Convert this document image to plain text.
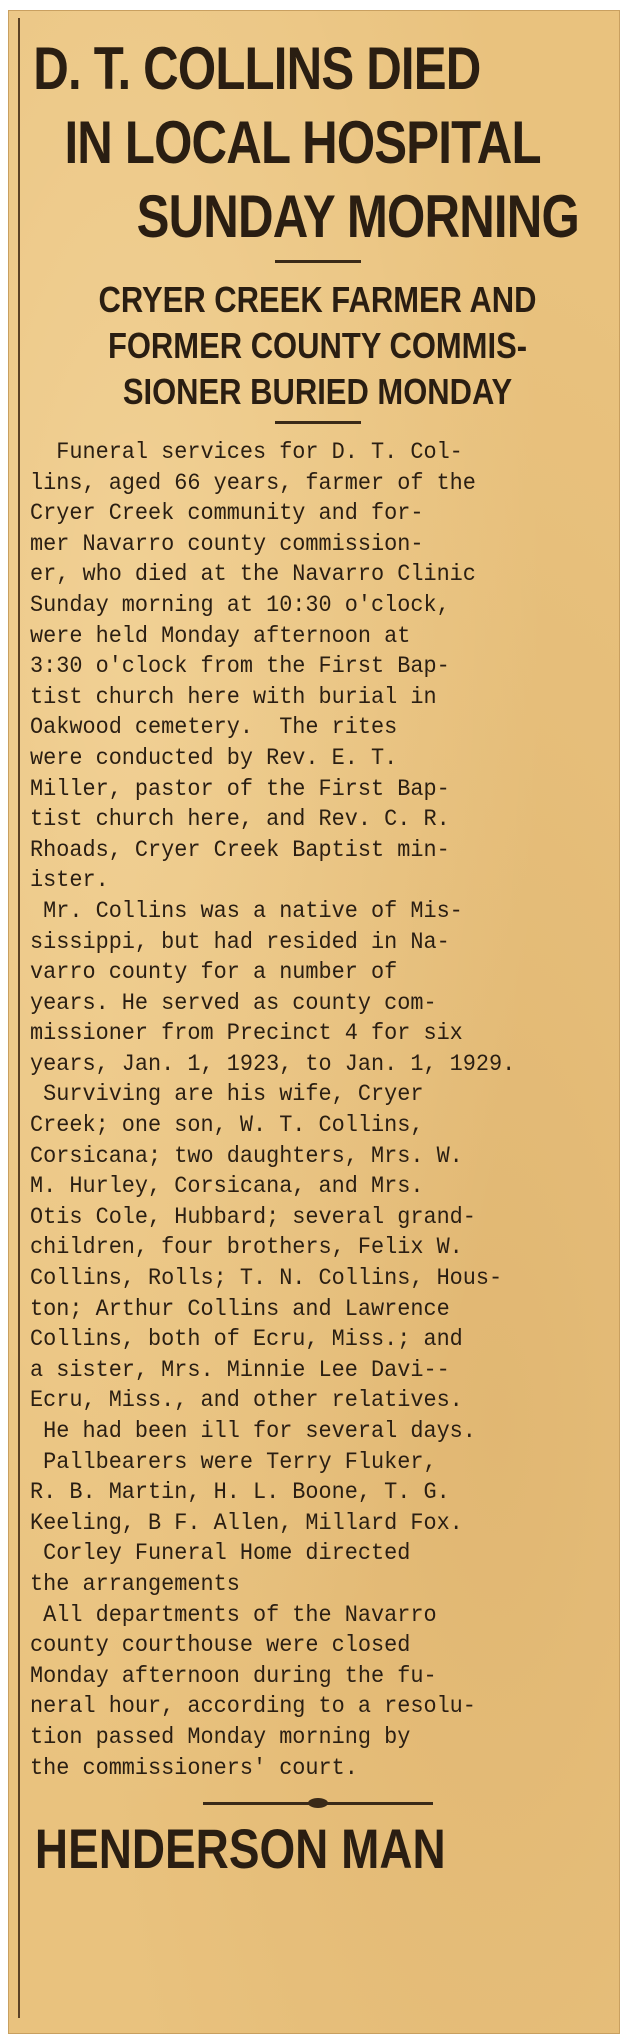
D. T. COLLINS DIED
IN LOCAL HOSPITAL
SUNDAY MORNING
CRYER CREEK FARMER AND
FORMER COUNTY COMMIS-
SIONER BURIED MONDAY
Funeral services for D. T. Col-
lins, aged 66 years, farmer of the
Cryer Creek community and for-
mer Navarro county commission-
er, who died at the Navarro Clinic
Sunday morning at 10:30 o'clock,
were held Monday afternoon at
3:30 o'clock from the First Bap-
tist church here with burial in
Oakwood cemetery.  The rites
were conducted by Rev. E. T.
Miller, pastor of the First Bap-
tist church here, and Rev. C. R.
Rhoads, Cryer Creek Baptist min-
ister.
Mr. Collins was a native of Mis-
sissippi, but had resided in Na-
varro county for a number of
years. He served as county com-
missioner from Precinct 4 for six
years, Jan. 1, 1923, to Jan. 1, 1929.
Surviving are his wife, Cryer
Creek; one son, W. T. Collins,
Corsicana; two daughters, Mrs. W.
M. Hurley, Corsicana, and Mrs.
Otis Cole, Hubbard; several grand-
children, four brothers, Felix W.
Collins, Rolls; T. N. Collins, Hous-
ton; Arthur Collins and Lawrence
Collins, both of Ecru, Miss.; and
a sister, Mrs. Minnie Lee Davi--
Ecru, Miss., and other relatives.
He had been ill for several days.
Pallbearers were Terry Fluker,
R. B. Martin, H. L. Boone, T. G.
Keeling, B F. Allen, Millard Fox.
Corley Funeral Home directed
the arrangements
All departments of the Navarro
county courthouse were closed
Monday afternoon during the fu-
neral hour, according to a resolu-
tion passed Monday morning by
the commissioners' court.
HENDERSON MAN
